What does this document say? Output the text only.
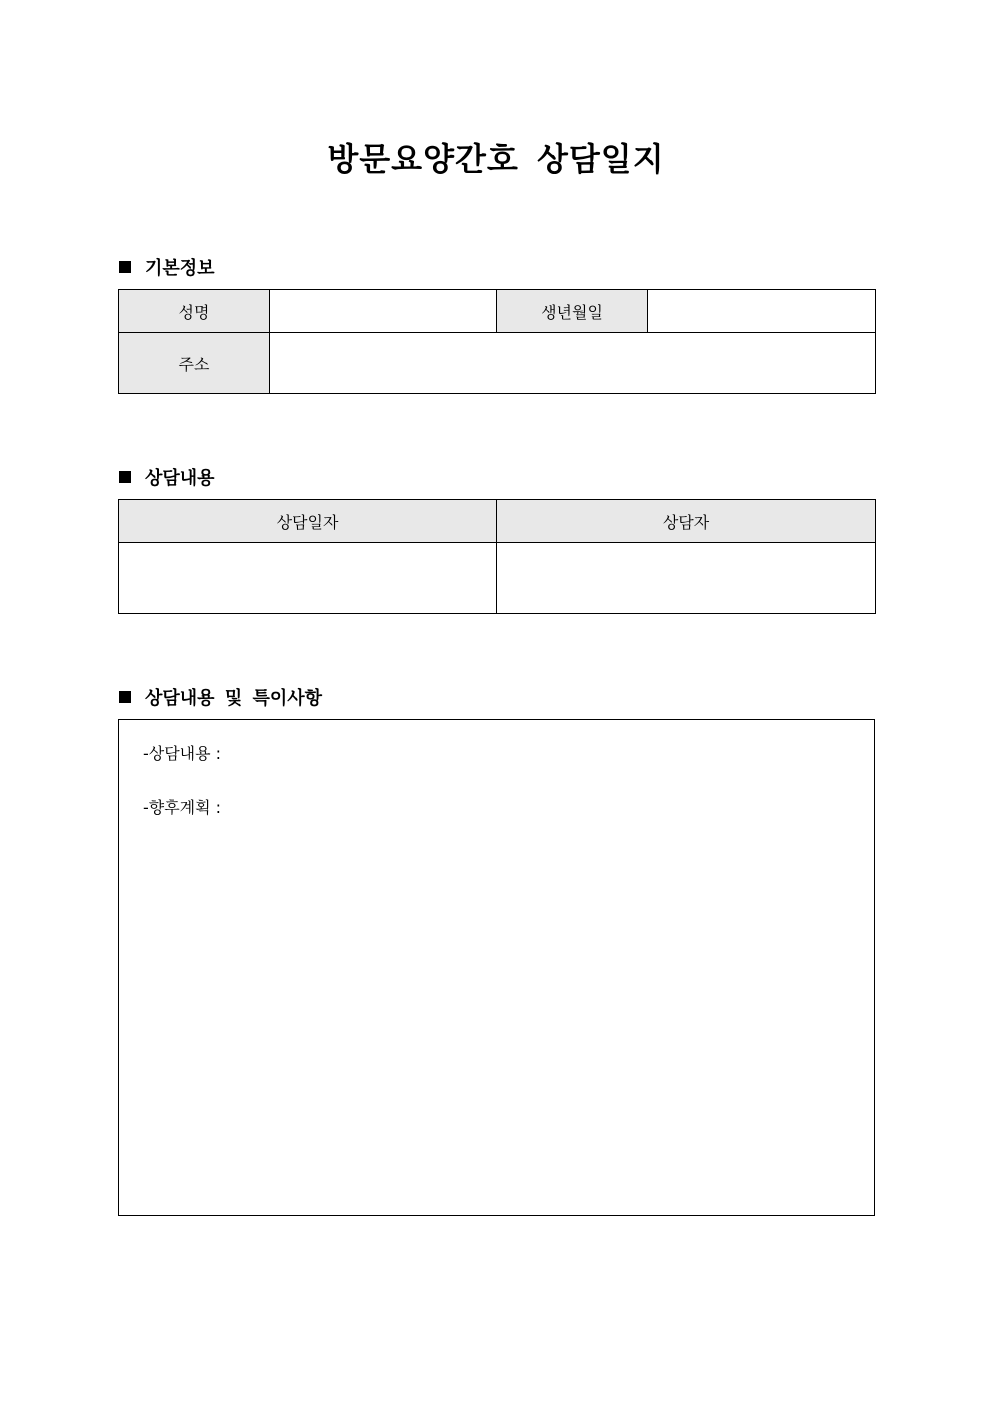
방문요양간호 상담일지
기본정보
성명		생년월일	
주소			
상담내용
상담일자	상담자

상담내용 및 특이사항
-상담내용 :
-향후계획 :
